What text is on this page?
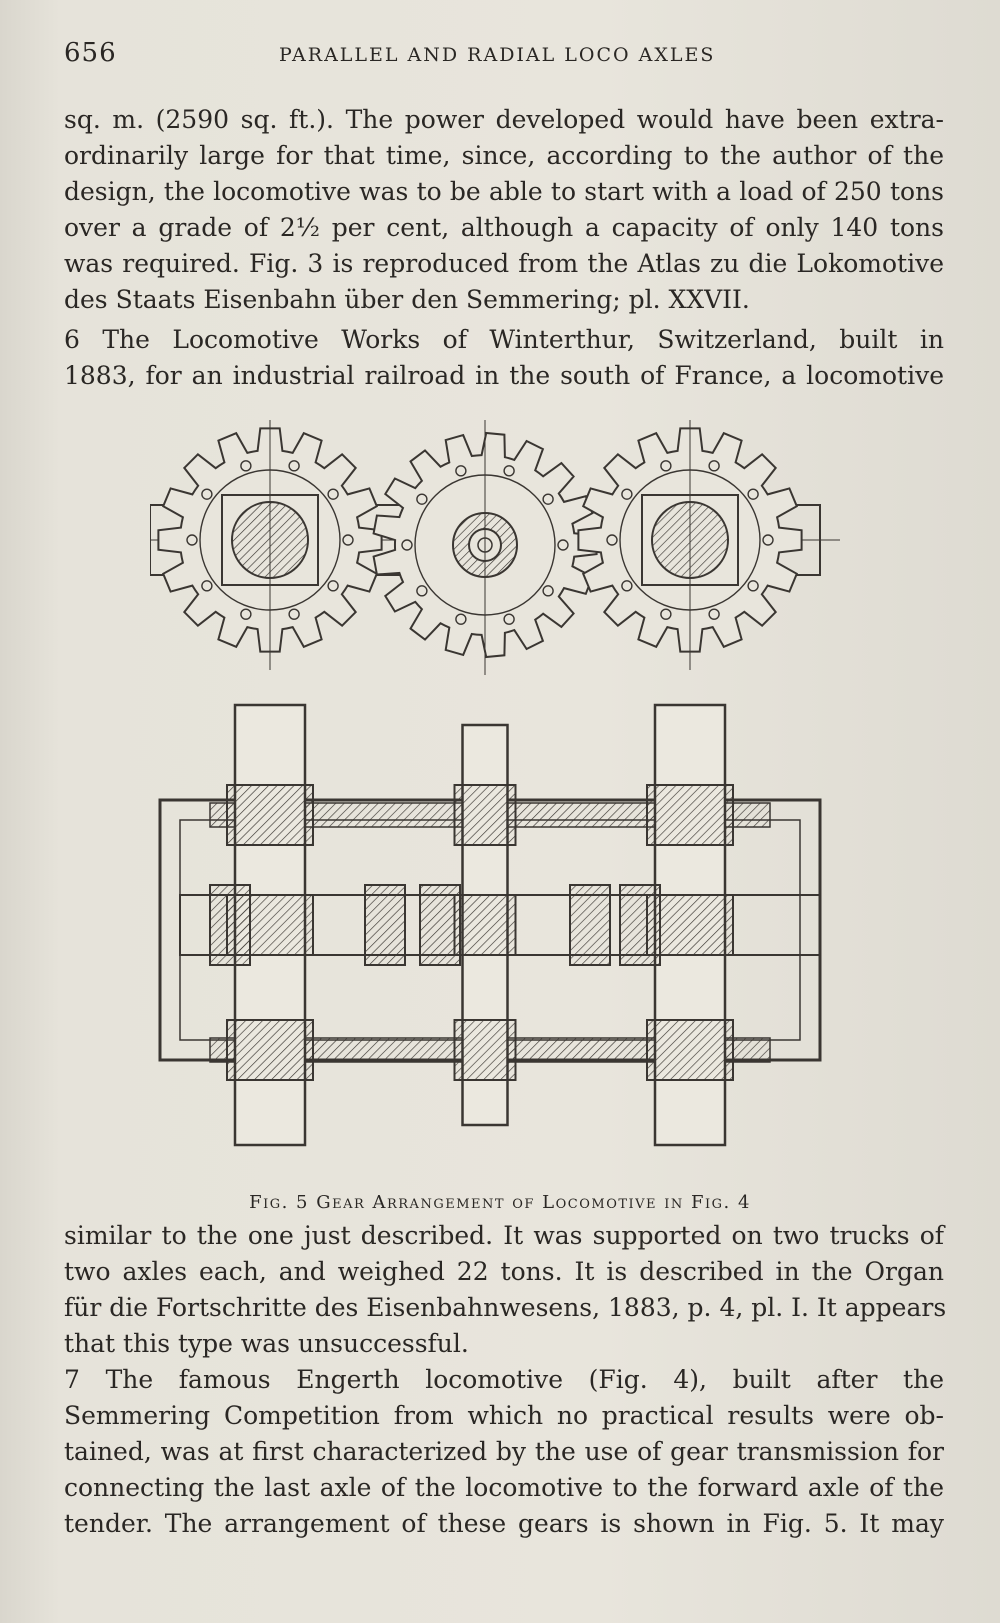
656	PARALLEL AND RADIAL LOCO AXLES
sq. m. (2590 sq. ft.). The power developed would have been extra-
ordinarily large for that time, since, according to the author of the
design, the locomotive was to be able to start with a load of 250 tons
over a grade of 2½ per cent, although a capacity of only 140 tons
was required. Fig. 3 is reproduced from the Atlas zu die Lokomotive
des Staats Eisenbahn über den Semmering; pl. XXVII.
6 The Locomotive Works of Winterthur, Switzerland, built in
1883, for an industrial railroad in the south of France, a locomotive
Fig. 5 Gear Arrangement of Locomotive in Fig. 4
similar to the one just described. It was supported on two trucks of
two axles each, and weighed 22 tons. It is described in the Organ
für die Fortschritte des Eisenbahnwesens, 1883, p. 4, pl. I. It appears
that this type was unsuccessful.
7 The famous Engerth locomotive (Fig. 4), built after the
Semmering Competition from which no practical results were ob-
tained, was at first characterized by the use of gear transmission for
connecting the last axle of the locomotive to the forward axle of the
tender. The arrangement of these gears is shown in Fig. 5. It may
